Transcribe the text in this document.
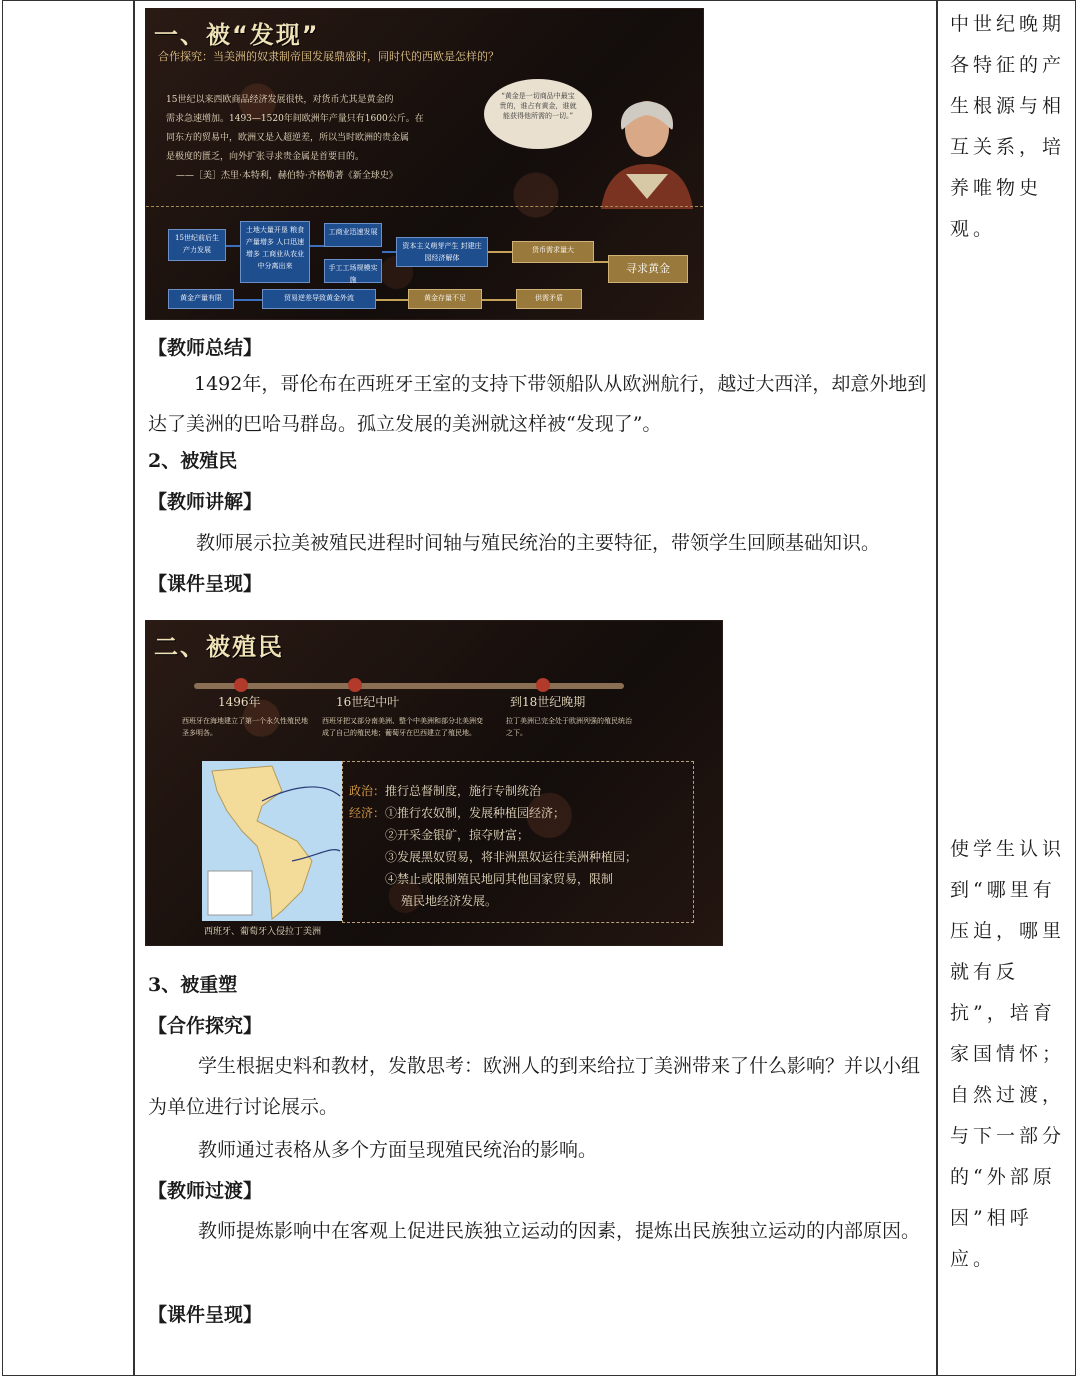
一、被“发现”
合作探究：当美洲的奴隶制帝国发展鼎盛时，同时代的西欧是怎样的？
15世纪以来西欧商品经济发展很快，对货币尤其是黄金的
需求急速增加。1493—1520年间欧洲年产量只有1600公斤。在
同东方的贸易中，欧洲又是入超逆差，所以当时欧洲的贵金属
是极度的匮乏，向外扩张寻求贵金属是首要目的。
——［美］杰里·本特利，赫伯特·齐格勒著《新全球史》
“黄金是一切商品中最宝贵的，谁占有黄金，谁就能获得他所需的一切。”
15世纪前后生产力发展
土地大量开垦 粮食产量增多 人口迅速增多 工商业从农业中分离出来
工商业迅速发展
手工工场规模实施
资本主义萌芽产生 封建庄园经济解体
货币需求量大
寻求黄金
黄金产量有限	贸易逆差导致黄金外流	黄金存量不足	供需矛盾
【教师总结】
1492年，哥伦布在西班牙王室的支持下带领船队从欧洲航行，越过大西洋，却意外地到达了美洲的巴哈马群岛。孤立发展的美洲就这样被“发现了”。
2、被殖民
【教师讲解】
教师展示拉美被殖民进程时间轴与殖民统治的主要特征，带领学生回顾基础知识。
【课件呈现】
二、被殖民
1496年
西班牙在海地建立了第一个永久性殖民地圣多明各。
16世纪中叶
西班牙把又部分南美洲、整个中美洲和部分北美洲变成了自己的殖民地；葡萄牙在巴西建立了殖民地。
到18世纪晚期
拉丁美洲已完全处于欧洲列强的殖民统治之下。
西班牙、葡萄牙入侵拉丁美洲
政治：推行总督制度，施行专制统治
经济： ①推行农奴制，发展种植园经济；
②开采金银矿，掠夺财富；
③发展黑奴贸易，将非洲黑奴运往美洲种植园；
④禁止或限制殖民地同其他国家贸易，限制
殖民地经济发展。
3、被重塑
【合作探究】
学生根据史料和教材，发散思考：欧洲人的到来给拉丁美洲带来了什么影响？并以小组为单位进行讨论展示。
教师通过表格从多个方面呈现殖民统治的影响。
【教师过渡】
教师提炼影响中在客观上促进民族独立运动的因素，提炼出民族独立运动的内部原因。
【课件呈现】
中世纪晚期各特征的产生根源与相互关系，培养唯物史观。
使学生认识到“哪里有压迫，哪里就有反抗”，培育家国情怀；自然过渡，与下一部分的“外部原因”相呼应。
